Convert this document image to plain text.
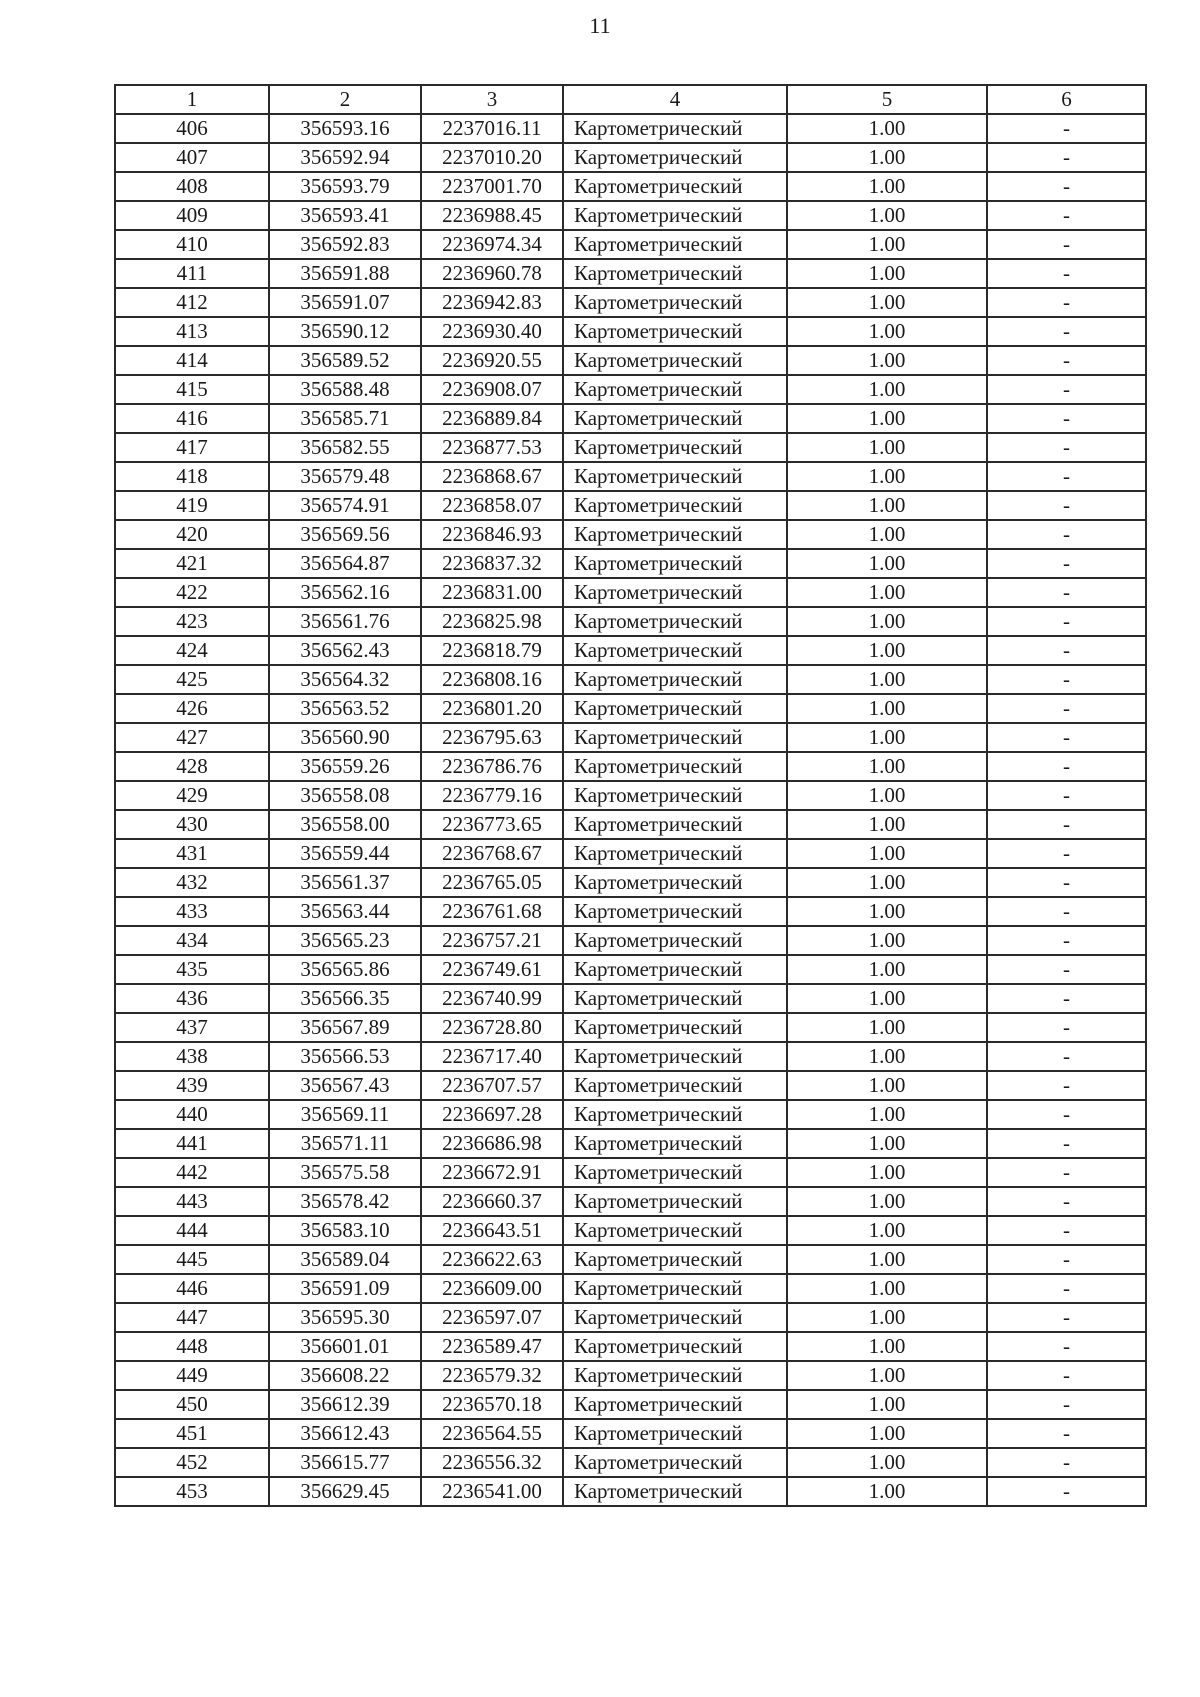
11
1	2	3	4	5	6
406	356593.16	2237016.11	Картометрический	1.00	-
407	356592.94	2237010.20	Картометрический	1.00	-
408	356593.79	2237001.70	Картометрический	1.00	-
409	356593.41	2236988.45	Картометрический	1.00	-
410	356592.83	2236974.34	Картометрический	1.00	-
411	356591.88	2236960.78	Картометрический	1.00	-
412	356591.07	2236942.83	Картометрический	1.00	-
413	356590.12	2236930.40	Картометрический	1.00	-
414	356589.52	2236920.55	Картометрический	1.00	-
415	356588.48	2236908.07	Картометрический	1.00	-
416	356585.71	2236889.84	Картометрический	1.00	-
417	356582.55	2236877.53	Картометрический	1.00	-
418	356579.48	2236868.67	Картометрический	1.00	-
419	356574.91	2236858.07	Картометрический	1.00	-
420	356569.56	2236846.93	Картометрический	1.00	-
421	356564.87	2236837.32	Картометрический	1.00	-
422	356562.16	2236831.00	Картометрический	1.00	-
423	356561.76	2236825.98	Картометрический	1.00	-
424	356562.43	2236818.79	Картометрический	1.00	-
425	356564.32	2236808.16	Картометрический	1.00	-
426	356563.52	2236801.20	Картометрический	1.00	-
427	356560.90	2236795.63	Картометрический	1.00	-
428	356559.26	2236786.76	Картометрический	1.00	-
429	356558.08	2236779.16	Картометрический	1.00	-
430	356558.00	2236773.65	Картометрический	1.00	-
431	356559.44	2236768.67	Картометрический	1.00	-
432	356561.37	2236765.05	Картометрический	1.00	-
433	356563.44	2236761.68	Картометрический	1.00	-
434	356565.23	2236757.21	Картометрический	1.00	-
435	356565.86	2236749.61	Картометрический	1.00	-
436	356566.35	2236740.99	Картометрический	1.00	-
437	356567.89	2236728.80	Картометрический	1.00	-
438	356566.53	2236717.40	Картометрический	1.00	-
439	356567.43	2236707.57	Картометрический	1.00	-
440	356569.11	2236697.28	Картометрический	1.00	-
441	356571.11	2236686.98	Картометрический	1.00	-
442	356575.58	2236672.91	Картометрический	1.00	-
443	356578.42	2236660.37	Картометрический	1.00	-
444	356583.10	2236643.51	Картометрический	1.00	-
445	356589.04	2236622.63	Картометрический	1.00	-
446	356591.09	2236609.00	Картометрический	1.00	-
447	356595.30	2236597.07	Картометрический	1.00	-
448	356601.01	2236589.47	Картометрический	1.00	-
449	356608.22	2236579.32	Картометрический	1.00	-
450	356612.39	2236570.18	Картометрический	1.00	-
451	356612.43	2236564.55	Картометрический	1.00	-
452	356615.77	2236556.32	Картометрический	1.00	-
453	356629.45	2236541.00	Картометрический	1.00	-
